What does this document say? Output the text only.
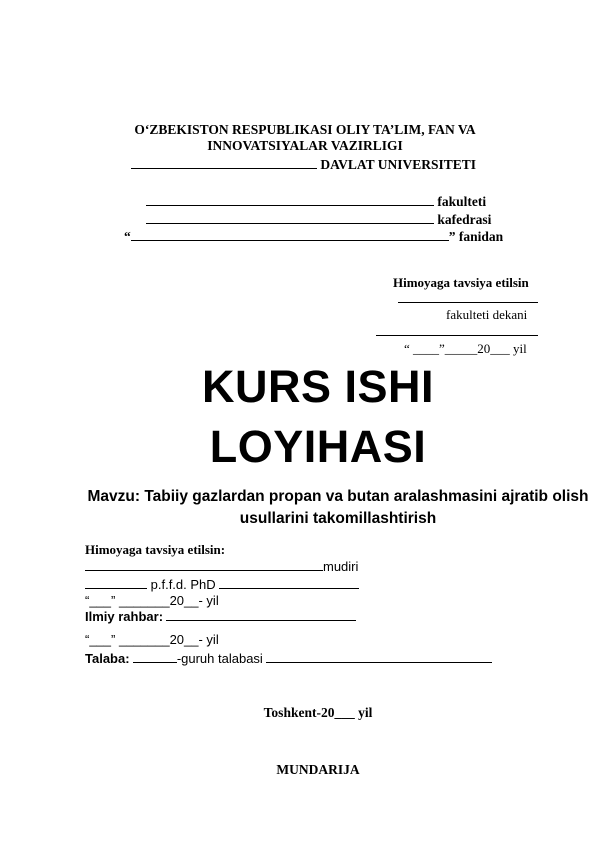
O‘ZBEKISTON RESPUBLIKASI OLIY TA’LIM, FAN VA
INNOVATSIYALAR VAZIRLIGI
DAVLAT UNIVERSITETI
fakulteti
kafedrasi
“	” fanidan
Himoyaga tavsiya etilsin
fakulteti dekani
“ ____”_____20___ yil
KURS ISHI
LOYIHASI
Mavzu: Tabiiy gazlardan propan va butan aralashmasini ajratib olish usullarini takomillashtirish
Himoyaga tavsiya etilsin:
mudiri
p.f.f.d. PhD
“___” _______20__- yil
Ilmiy rahbar:
“___” _______20__- yil
Talaba:	-guruh talabasi
Toshkent-20___ yil
MUNDARIJA
